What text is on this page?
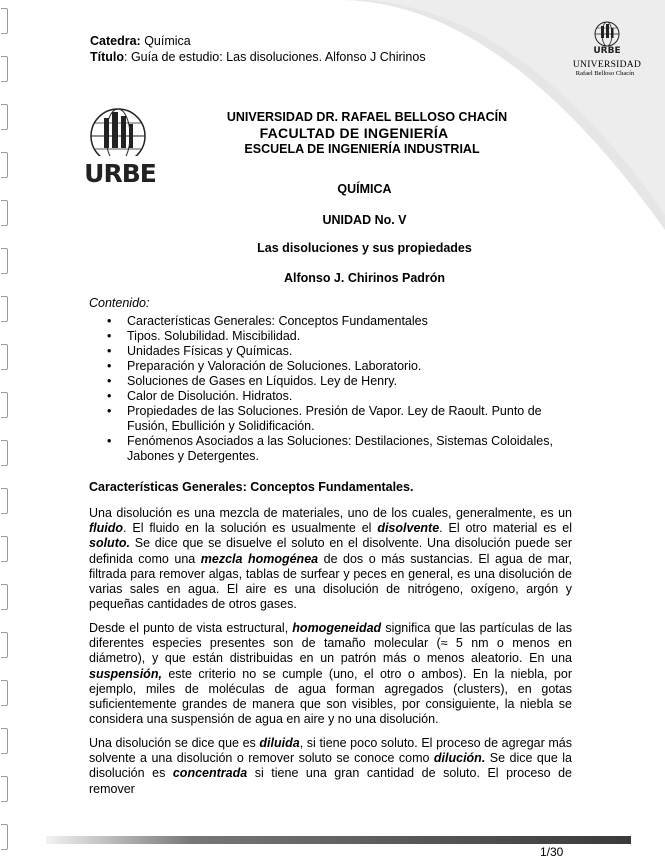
Catedra: Química
Título: Guía de estudio: Las disoluciones. Alfonso J Chirinos	URBE
UNIVERSIDAD
Rafael Belloso Chacín
URBE
UNIVERSIDAD DR. RAFAEL BELLOSO CHACÍN
FACULTAD DE INGENIERÍA
ESCUELA DE INGENIERÍA INDUSTRIAL
QUÍMICA
UNIDAD No. V
Las disoluciones y sus propiedades
Alfonso J. Chirinos Padrón
Contenido:
• Características Generales: Conceptos Fundamentales
• Tipos. Solubilidad. Miscibilidad.
• Unidades Físicas y Químicas.
• Preparación y Valoración de Soluciones. Laboratorio.
• Soluciones de Gases en Líquidos. Ley de Henry.
• Calor de Disolución. Hidratos.
• Propiedades de las Soluciones. Presión de Vapor. Ley de Raoult. Punto de Fusión, Ebullición y Solidificación.
• Fenómenos Asociados a las Soluciones: Destilaciones, Sistemas Coloidales, Jabones y Detergentes.
Características Generales: Conceptos Fundamentales.

Una disolución es una mezcla de materiales, uno de los cuales, generalmente, es un fluido. El fluido en la solución es usualmente el disolvente. El otro material es el soluto. Se dice que se disuelve el soluto en el disolvente. Una disolución puede ser definida como una mezcla homogénea de dos o más sustancias. El agua de mar, filtrada para remover algas, tablas de surfear y peces en general, es una disolución de varias sales en agua. El aire es una disolución de nitrógeno, oxígeno, argón y pequeñas cantidades de otros gases.

Desde el punto de vista estructural, homogeneidad significa que las partículas de las diferentes especies presentes son de tamaño molecular (≈ 5 nm o menos en diámetro), y que están distribuidas en un patrón más o menos aleatorio. En una suspensión, este criterio no se cumple (uno, el otro o ambos). En la niebla, por ejemplo, miles de moléculas de agua forman agregados (clusters), en gotas suficientemente grandes de manera que son visibles, por consiguiente, la niebla se considera una suspensión de agua en aire y no una disolución.

Una disolución se dice que es diluida, si tiene poco soluto. El proceso de agregar más solvente a una disolución o remover soluto se conoce como dilución. Se dice que la disolución es concentrada si tiene una gran cantidad de soluto. El proceso de remover

1/30
